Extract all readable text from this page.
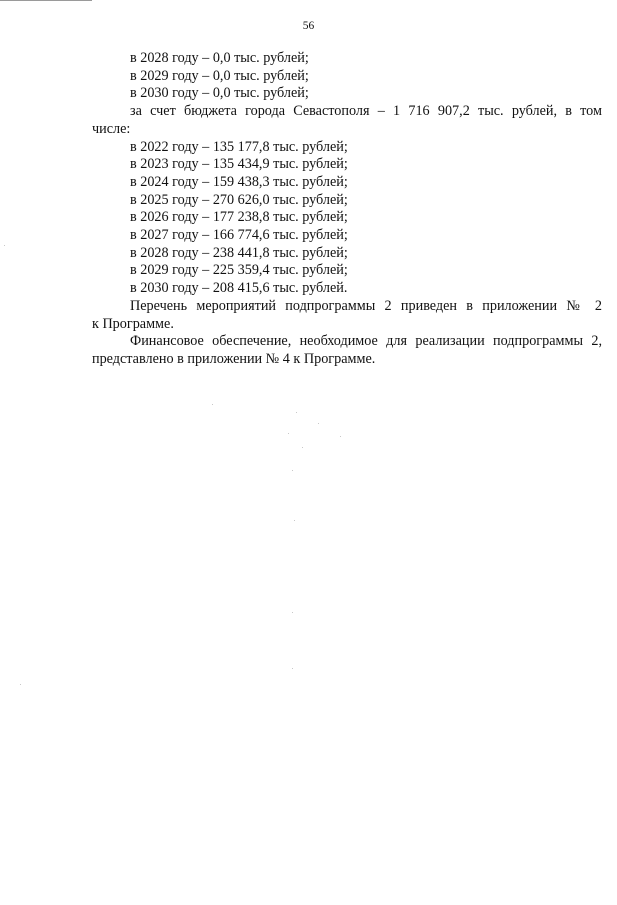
56

в 2028 году – 0,0 тыс. рублей;

в 2029 году – 0,0 тыс. рублей;

в 2030 году – 0,0 тыс. рублей;

за счет бюджета города Севастополя – 1 716 907,2 тыс. рублей, в том

числе:

в 2022 году – 135 177,8 тыс. рублей;

в 2023 году – 135 434,9 тыс. рублей;

в 2024 году – 159 438,3 тыс. рублей;

в 2025 году – 270 626,0 тыс. рублей;

в 2026 году – 177 238,8 тыс. рублей;

в 2027 году – 166 774,6 тыс. рублей;

в 2028 году – 238 441,8 тыс. рублей;

в 2029 году – 225 359,4 тыс. рублей;

в 2030 году – 208 415,6 тыс. рублей.

Перечень мероприятий подпрограммы 2 приведен в приложении № 2

к Программе.

Финансовое обеспечение, необходимое для реализации подпрограммы 2,

представлено в приложении № 4 к Программе.
